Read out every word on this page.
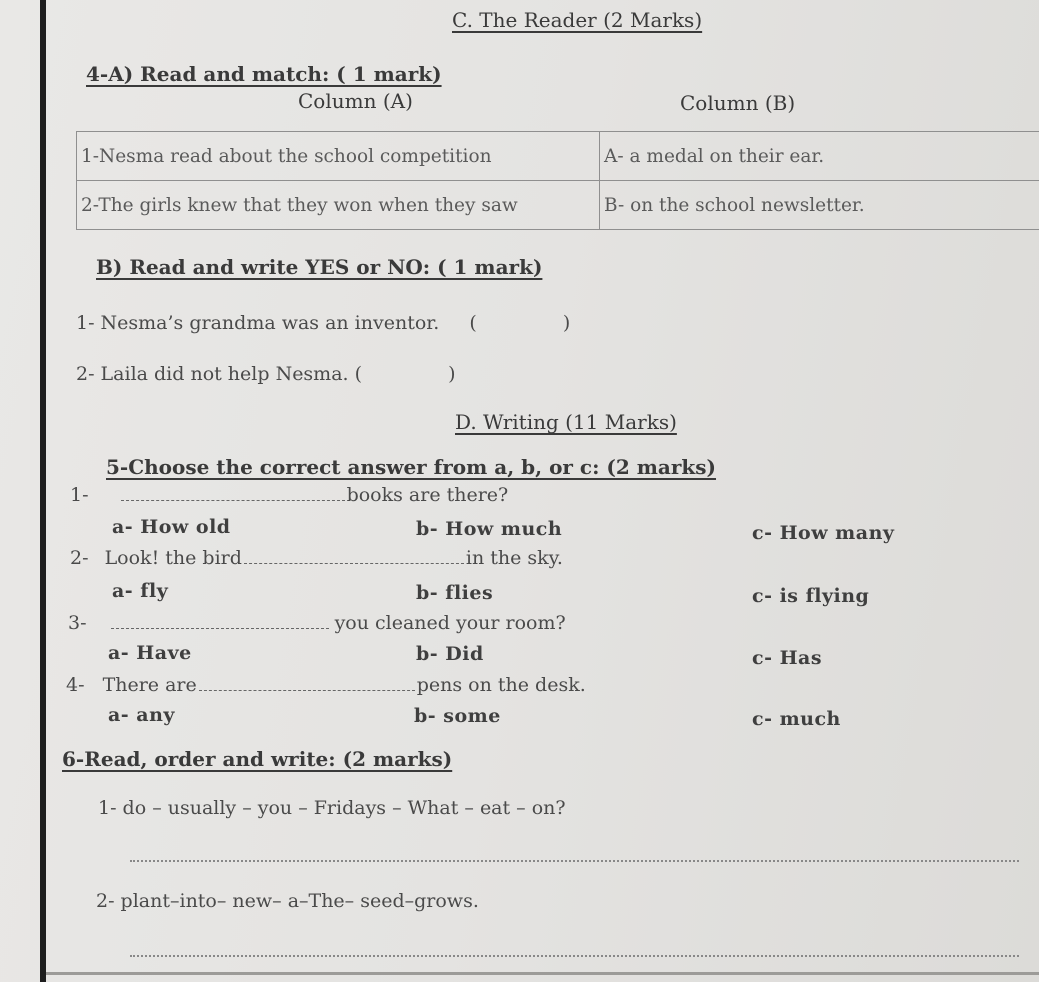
C. The Reader (2 Marks)
4-A) Read and match: ( 1 mark)
Column (A)	Column (B)
1-Nesma read about the school competition	A- a medal on their ear.
2-The girls knew that they won when they saw	B- on the school newsletter.
B) Read and write YES or NO: ( 1 mark)
1- Nesma’s grandma was an inventor. (	)
2- Laila did not help Nesma. (	)
D. Writing (11 Marks)
5-Choose the correct answer from a, b, or c: (2 marks)
1-	books are there?
a- How old	b- How much	c- How many
2- Look! the bird	in the sky.
a- fly	b- flies	c- is flying
3-	you cleaned your room?
a- Have	b- Did	c- Has
4- There are	pens on the desk.
a- any	b- some	c- much
6-Read, order and write: (2 marks)
1- do – usually – you – Fridays – What – eat – on?
2- plant–into– new– a–The– seed–grows.
